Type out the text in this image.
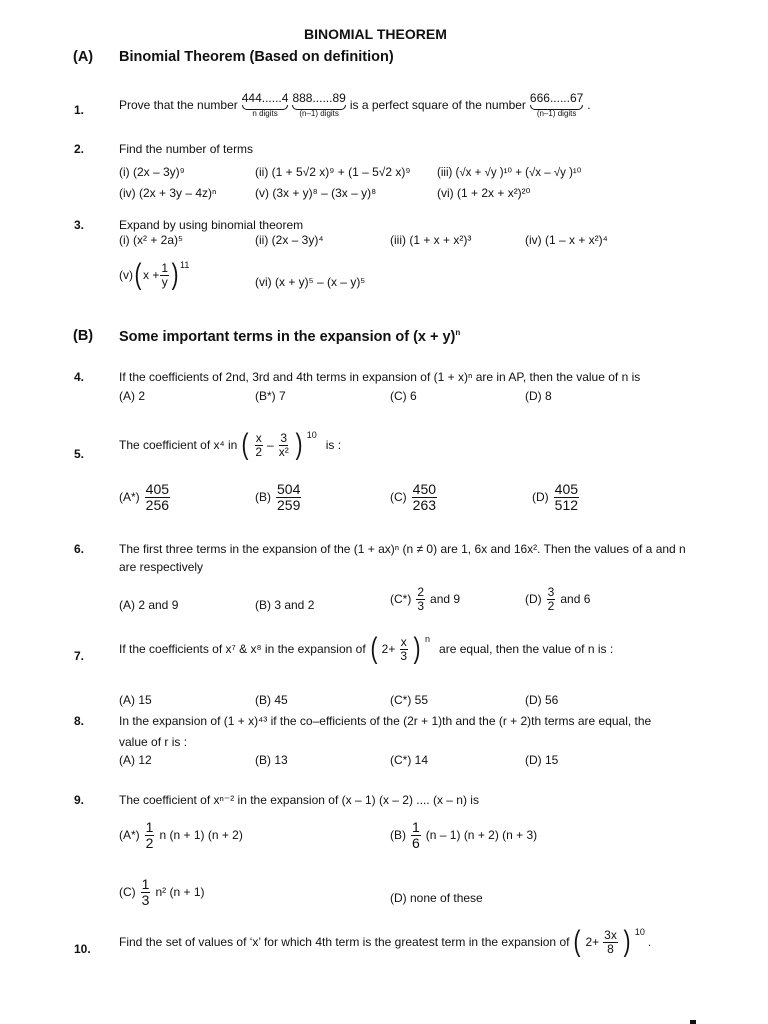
BINOMIAL THEOREM
(A) Binomial Theorem (Based on definition)
1.	Prove that the number
444......4
n digits
888......89
(n–1) digits
is a perfect square of the number
666......67
(n–1) digits
.
2.	Find the number of terms
(i) (2x – 3y)⁹	(ii) (1 + 5√2 x)⁹ + (1 – 5√2 x)⁹ (iii) (√x + √y )¹⁰ + (√x – √y )¹⁰
(iv) (2x + 3y – 4z)ⁿ	(v) (3x + y)⁸ – (3x – y)⁸	(vi) (1 + 2x + x²)²⁰
3.	Expand by using binomial theorem
(i) (x² + 2a)⁵	(ii) (2x – 3y)⁴	(iii) (1 + x + x²)³	(iv) (1 – x + x²)⁴
(v) ( $x + \frac{1}{y}$ ) 11
(vi) (x + y)⁵ – (x – y)⁵
(B) Some important terms in the expansion of $(x + y)^n$
4.	If the coefficients of 2nd, 3rd and 4th terms in expansion of (1 + x)ⁿ are in AP, then the value of n is
(A) 2	(B*) 7	(C) 6	(D) 8
5.
The coefficient of x⁴ in ( $\frac{x}{2} - \frac{3}{\text{x²}}$ ) 10
is :
$(A*) \frac{405}{256}$	$(B) \frac{504}{259}$	$(C) \frac{450}{263}$	$(D) \frac{405}{512}$
6.	The first three terms in the expansion of the (1 + ax)ⁿ (n ≠ 0) are 1, 6x and 16x². Then the values of a and n
are respectively
(A) 2 and 9	(B) 3 and 2	$(C*) \frac{2}{3}$ and 9	$(D) \frac{3}{2}$ and 6
7.	If the coefficients of x⁷ & x⁸ in the expansion of ( $2+ \frac{x}{3}$ ) n
are equal, then the value of n is :
(A) 15	(B) 45	(C*) 55	(D) 56
8.	In the expansion of (1 + x)⁴³ if the co–efficients of the (2r + 1)th and the (r + 2)th terms are equal, the
value of r is :
(A) 12	(B) 13	(C*) 14	(D) 15
9.	The coefficient of xⁿ⁻² in the expansion of (x – 1) (x – 2) .... (x – n) is
$(A*) \frac{1}{2}$ n (n + 1) (n + 2)	$(B) \frac{1}{6} (n - 1) (n + 2) (n + 3)$
$(C) \frac{1}{3} n^2$ (n + 1)	(D) none of these
10. Find the set of values of ‘x’ for which 4th term is the greatest term in the expansion of ( $2+ \frac{3x}{8}$ ) 10
.
